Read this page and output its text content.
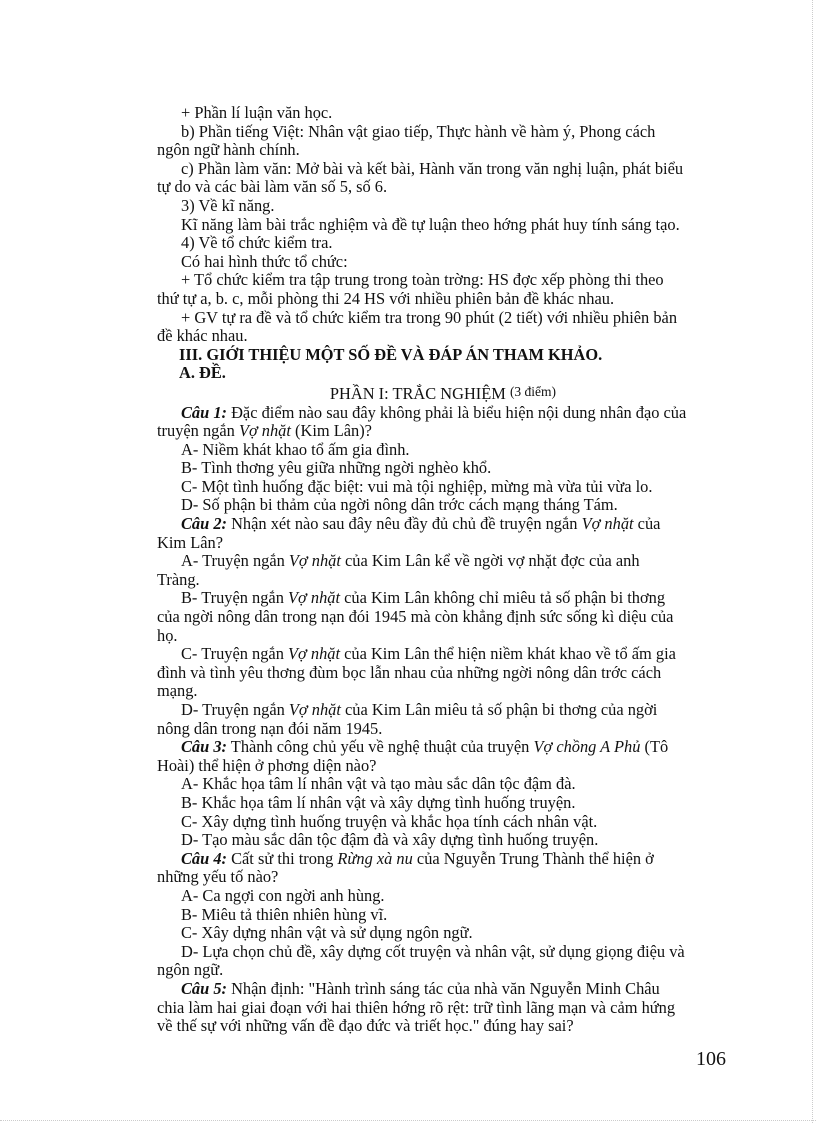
+ Phần lí luận văn học.

b) Phần tiếng Việt: Nhân vật giao tiếp, Thực hành về hàm ý, Phong cách

ngôn ngữ hành chính.

c) Phần làm văn: Mở bài và kết bài, Hành văn trong văn nghị luận, phát biểu

tự do và các bài làm văn số 5, số 6.

3) Về kĩ năng.

Kĩ năng làm bài trắc nghiệm và đề tự luận theo hớng phát huy tính sáng tạo.

4) Về tổ chức kiểm tra.

Có hai hình thức tổ chức:

+ Tổ chức kiểm tra tập trung trong toàn trờng: HS đợc xếp phòng thi theo

thứ tự a, b. c, mỗi phòng thi 24 HS với nhiều phiên bản đề khác nhau.

+ GV tự ra đề và tổ chức kiểm tra trong 90 phút (2 tiết) với nhiều phiên bản

đề khác nhau.

III. GIỚI THIỆU MỘT SỐ ĐỀ VÀ ĐÁP ÁN THAM KHẢO.

A. ĐỀ.

PHẦN I: TRẮC NGHIỆM (3 điểm)

Câu 1: Đặc điểm nào sau đây không phải là biểu hiện nội dung nhân đạo của

truyện ngắn Vợ nhặt (Kim Lân)?

A- Niềm khát khao tổ ấm gia đình.

B- Tình thơng yêu giữa những ngời nghèo khổ.

C- Một tình huống đặc biệt: vui mà tội nghiệp, mừng mà vừa tủi vừa lo.

D- Số phận bi thảm của ngời nông dân trớc cách mạng tháng Tám.

Câu 2: Nhận xét nào sau đây nêu đầy đủ chủ đề truyện ngắn Vợ nhặt của

Kim Lân?

A- Truyện ngắn Vợ nhặt của Kim Lân kể về ngời vợ nhặt đợc của anh

Tràng.

B- Truyện ngắn Vợ nhặt của Kim Lân không chỉ miêu tả số phận bi thơng

của ngời nông dân trong nạn đói 1945 mà còn khẳng định sức sống kì diệu của

họ.

C- Truyện ngắn Vợ nhặt của Kim Lân thể hiện niềm khát khao về tổ ấm gia

đình và tình yêu thơng đùm bọc lẫn nhau của những ngời nông dân trớc cách

mạng.

D- Truyện ngắn Vợ nhặt của Kim Lân miêu tả số phận bi thơng của ngời

nông dân trong nạn đói năm 1945.

Câu 3: Thành công chủ yếu về nghệ thuật của truyện Vợ chồng A Phủ (Tô

Hoài) thể hiện ở phơng diện nào?

A- Khắc họa tâm lí nhân vật và tạo màu sắc dân tộc đậm đà.

B- Khắc họa tâm lí nhân vật và xây dựng tình huống truyện.

C- Xây dựng tình huống truyện và khắc họa tính cách nhân vật.

D- Tạo màu sắc dân tộc đậm đà và xây dựng tình huống truyện.

Câu 4: Cất sử thi trong Rừng xà nu của Nguyễn Trung Thành thể hiện ở

những yếu tố nào?

A- Ca ngợi con ngời anh hùng.

B- Miêu tả thiên nhiên hùng vĩ.

C- Xây dựng nhân vật và sử dụng ngôn ngữ.

D- Lựa chọn chủ đề, xây dựng cốt truyện và nhân vật, sử dụng giọng điệu và

ngôn ngữ.

Câu 5: Nhận định: "Hành trình sáng tác của nhà văn Nguyễn Minh Châu

chia làm hai giai đoạn với hai thiên hớng rõ rệt: trữ tình lãng mạn và cảm hứng

về thế sự với những vấn đề đạo đức và triết học." đúng hay sai?

106
